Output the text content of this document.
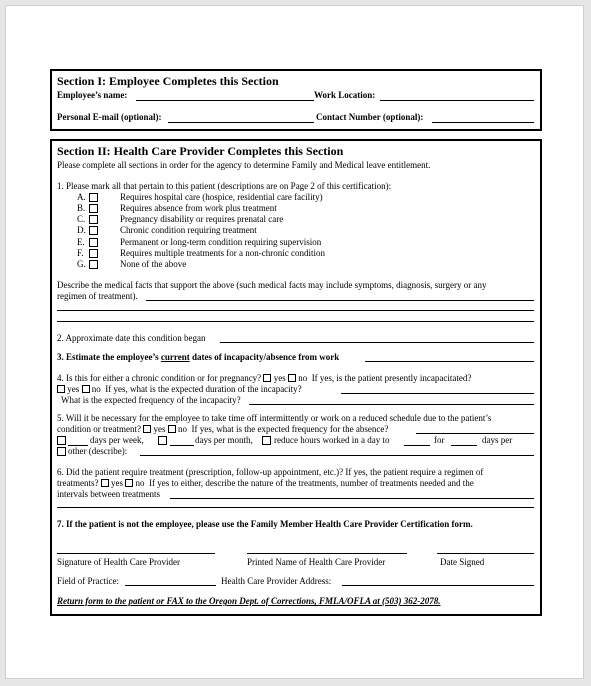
Section I: Employee Completes this Section
Employee’s name:	Work Location:
Personal E-mail (optional):	Contact Number (optional):
Section II: Health Care Provider Completes this Section
Please complete all sections in order for the agency to determine Family and Medical leave entitlement.
1. Please mark all that pertain to this patient (descriptions are on Page 2 of this certification):
A.	Requires hospital care (hospice, residential care facility)
B.	Requires absence from work plus treatment
C.	Pregnancy disability or requires prenatal care
D.	Chronic condition requiring treatment
E.	Permanent or long-term condition requiring supervision
F.	Requires multiple treatments for a non-chronic condition
G.	None of the above
Describe the medical facts that support the above (such medical facts may include symptoms, diagnosis, surgery or any
regimen of treatment).
2. Approximate date this condition began
3. Estimate the employee’s current dates of incapacity/absence from work
4. Is this for either a chronic condition or for pregnancy? yes no If yes, is the patient presently incapacitated?
yes no If yes, what is the expected duration of the incapacity?
What is the expected frequency of the incapacity?
5. Will it be necessary for the employee to take time off intermittently or work on a reduced schedule due to the patient’s
condition or treatment? yes no If yes, what is the expected frequency for the absence?
days per week,	days per month, reduce hours worked in a day to	for	days per
other (describe):
6. Did the patient require treatment (prescription, follow-up appointment, etc.)? If yes, the patient require a regimen of
treatments? yes no If yes to either, describe the nature of the treatments, number of treatments needed and the
intervals between treatments
7. If the patient is not the employee, please use the Family Member Health Care Provider Certification form.
Signature of Health Care Provider	Printed Name of Health Care Provider	Date Signed
Field of Practice:	Health Care Provider Address:
Return form to the patient or FAX to the Oregon Dept. of Corrections, FMLA/OFLA at (503) 362-2078.
